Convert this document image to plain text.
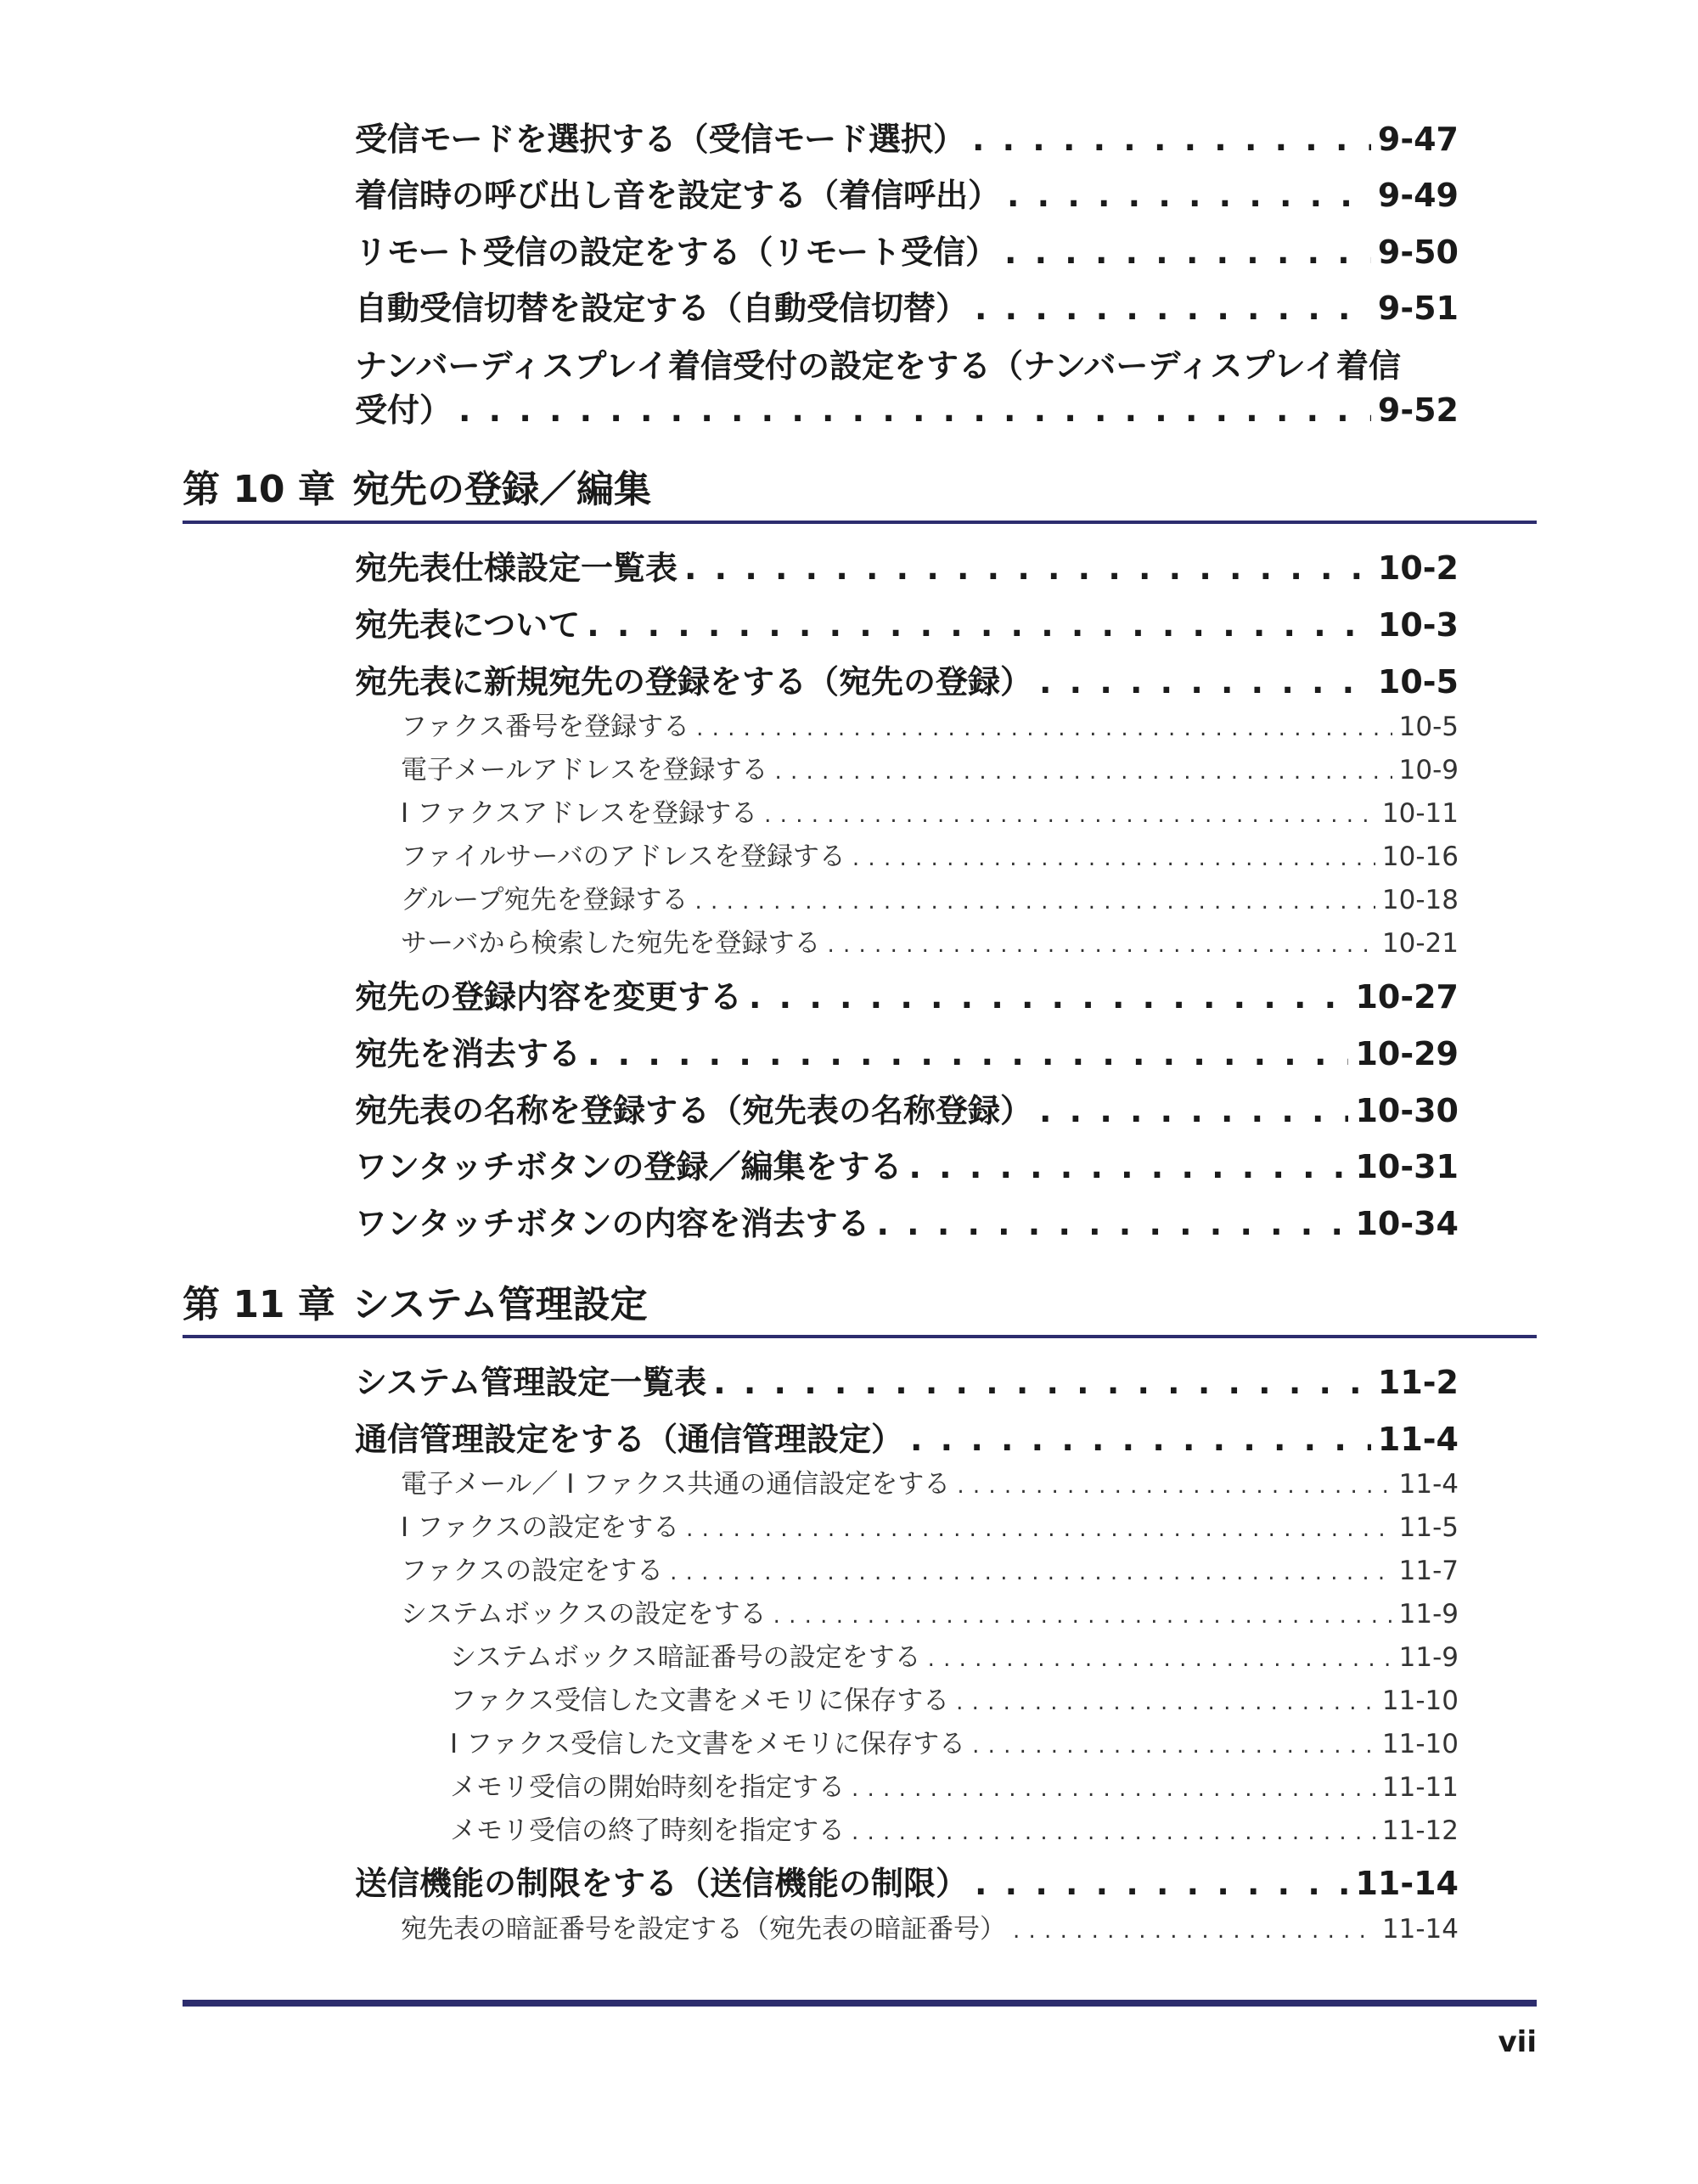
受信モードを選択する（受信モード選択） . . .	9-47
着信時の呼び出し音を設定する（着信呼出） . . .	9-49
リモート受信の設定をする（リモート受信） . . .	9-50
自動受信切替を設定する（自動受信切替） . . .	9-51
ナンバーディスプレイ着信受付の設定をする（ナンバーディスプレイ着信
受付） . . .	9-52
第 10 章 宛先の登録／編集
宛先表仕様設定一覧表 . . .	10-2
宛先表について . . .	10-3
宛先表に新規宛先の登録をする（宛先の登録） . . .	10-5
ファクス番号を登録する . . .	10-5
電子メールアドレスを登録する . . .	10-9
I ファクスアドレスを登録する . . .	10-11
ファイルサーバのアドレスを登録する . . .	10-16
グループ宛先を登録する . . .	10-18
サーバから検索した宛先を登録する . . .	10-21
宛先の登録内容を変更する . . .	10-27
宛先を消去する . . .	10-29
宛先表の名称を登録する（宛先表の名称登録） . . .	10-30
ワンタッチボタンの登録／編集をする . . .	10-31
ワンタッチボタンの内容を消去する . . .	10-34
第 11 章 システム管理設定
システム管理設定一覧表 . . .	11-2
通信管理設定をする（通信管理設定） . . .	11-4
電子メール／ I ファクス共通の通信設定をする . . .	11-4
I ファクスの設定をする . . .	11-5
ファクスの設定をする . . .	11-7
システムボックスの設定をする . . .	11-9
システムボックス暗証番号の設定をする . . .	11-9
ファクス受信した文書をメモリに保存する . . .	11-10
I ファクス受信した文書をメモリに保存する . . .	11-10
メモリ受信の開始時刻を指定する . . .	11-11
メモリ受信の終了時刻を指定する . . .	11-12
送信機能の制限をする（送信機能の制限） . . .	11-14
宛先表の暗証番号を設定する（宛先表の暗証番号） . . .	11-14
vii
